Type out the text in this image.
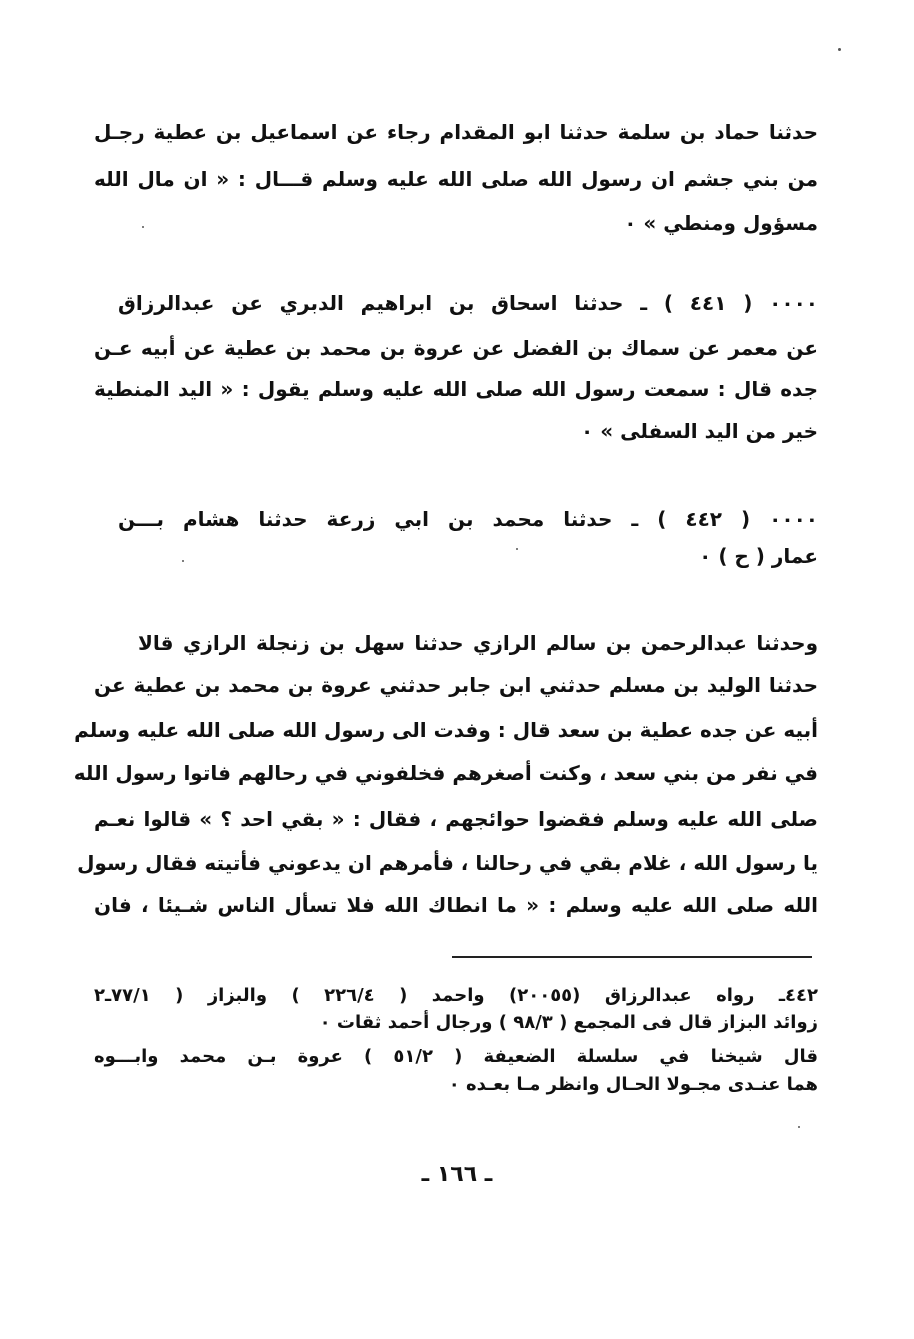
حدثنا حماد بن سلمة حدثنا ابو المقدام رجاء عن اسماعيل بن عطية رجـل
من بني جشم ان رسول الله صلى الله عليه وسلم قـــال : « ان مال الله
مسؤول ومنطي » ٠
٠٠٠٠ ( ٤٤١ ) ـ حدثنا اسحاق بن ابراهيم الدبري عن عبدالرزاق
عن معمر عن سماك بن الفضل عن عروة بن محمد بن عطية عن أبيه عـن
جده قال : سمعت رسول الله صلى الله عليه وسلم يقول : « اليد المنطية
خير من اليد السفلى » ٠
٠٠٠٠ ( ٤٤٢ ) ـ حدثنا محمد بن ابي زرعة حدثنا هشام بـــن
عمار ( ح ) ٠
وحدثنا عبدالرحمن بن سالم الرازي حدثنا سهل بن زنجلة الرازي قالا
حدثنا الوليد بن مسلم حدثني ابن جابر حدثني عروة بن محمد بن عطية عن
أبيه عن جده عطية بن سعد قال : وفدت الى رسول الله صلى الله عليه وسلم
في نفر من بني سعد ، وكنت أصغرهم فخلفوني في رحالهم فاتوا رسول الله
صلى الله عليه وسلم فقضوا حوائجهم ، فقال : « بقي احد ؟ » قالوا نعـم
يا رسول الله ، غلام بقي في رحالنا ، فأمرهم ان يدعوني فأتيته فقال رسول
الله صلى الله عليه وسلم : « ما انطاك الله فلا تسأل الناس شـيئا ، فان
٤٤٢ـ رواه عبدالرزاق (٢٠٠٥٥) واحمد ( ٢٢٦/٤ ) والبزاز ( ٧٧/١ـ٢
زوائد البزاز قال فى المجمع ( ٩٨/٣ ) ورجال أحمد ثقات ٠
قال شيخنا في سلسلة الضعيفة ( ٥١/٢ ) عروة بـن محمد وابـــوه
هما عنـدى مجـولا الحـال وانظر مـا بعـده ٠
ـ ١٦٦ ـ
